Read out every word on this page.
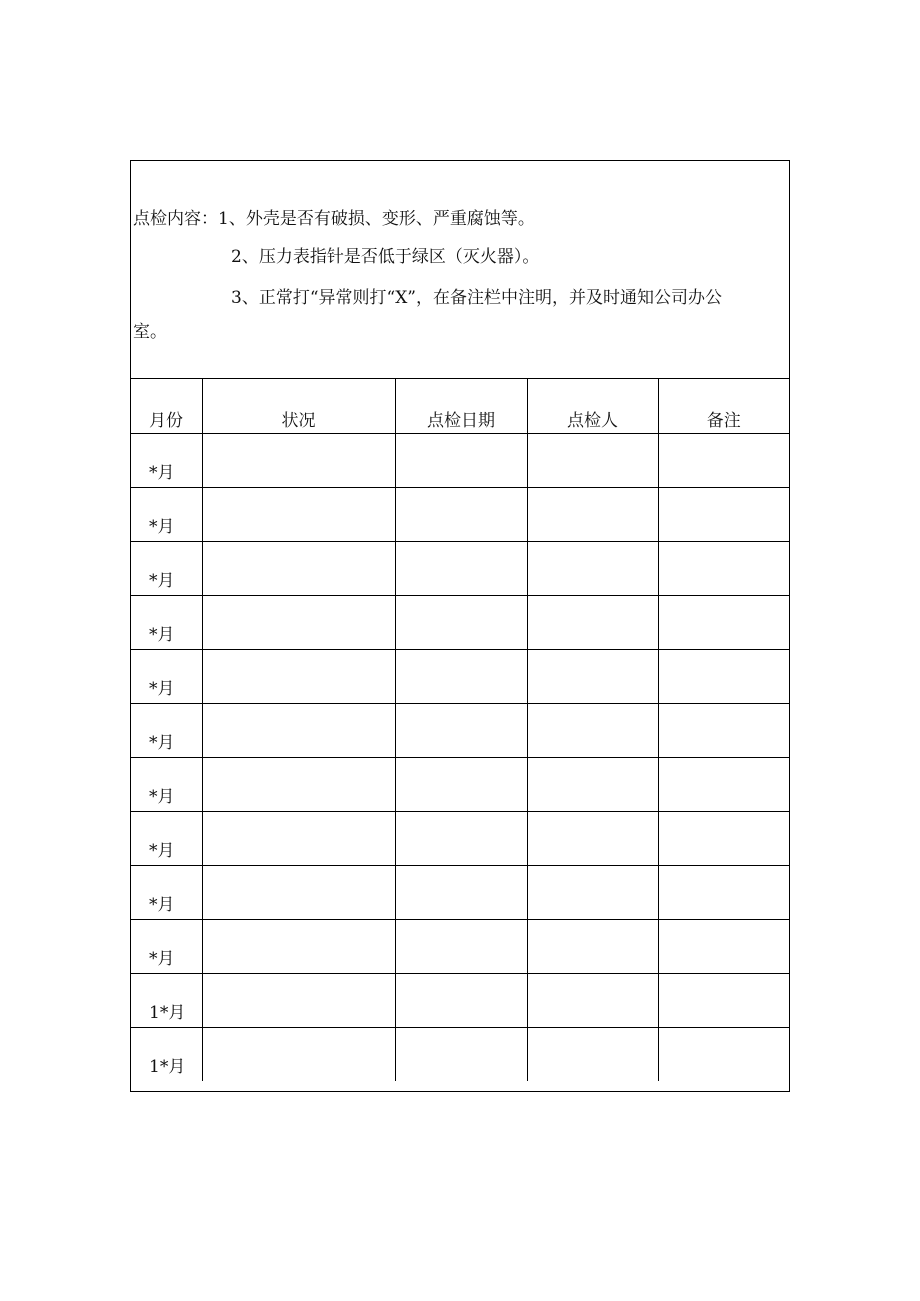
点检内容：1、外壳是否有破损、变形、严重腐蚀等。
2、压力表指针是否低于绿区（灭火器）。
3、正常打“异常则打“X”，在备注栏中注明，并及时通知公司办公
室。
月份	状况	点检日期	点检人	备注
*月				
*月				
*月				
*月				
*月				
*月				
*月				
*月				
*月				
*月				
1*月				
1*月				
